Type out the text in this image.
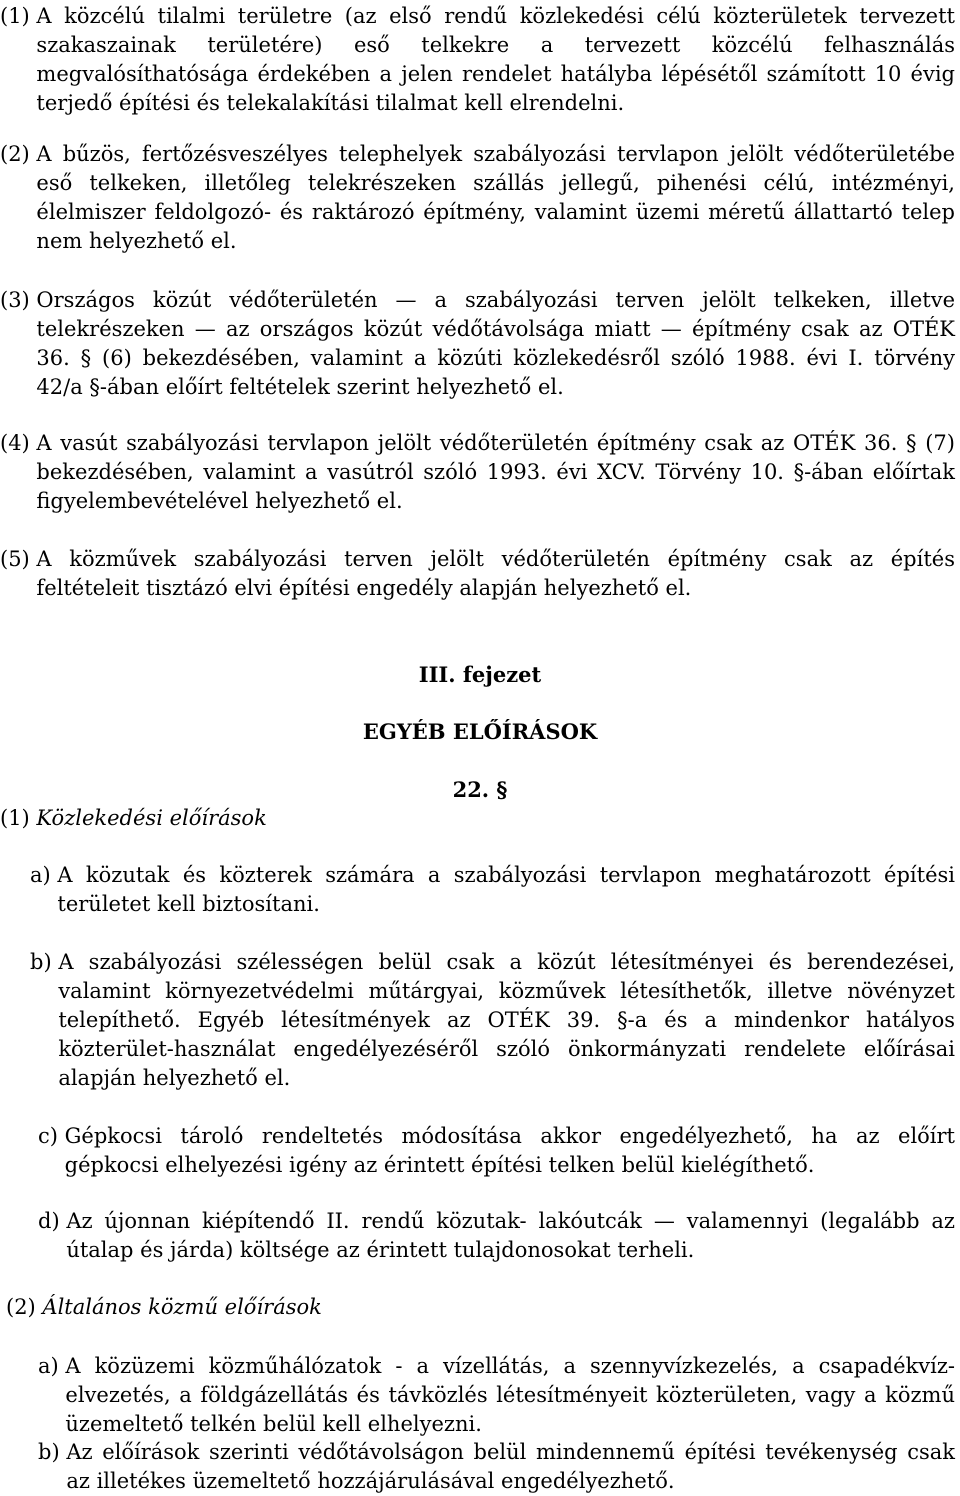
(1) A közcélú tilalmi területre (az első rendű közlekedési célú közterületek tervezett szakaszainak területére) eső telkekre a tervezett közcélú felhasználás megvalósíthatósága érdekében a jelen rendelet hatályba lépésétől számított 10 évig terjedő építési és telekalakítási tilalmat kell elrendelni.
(2) A bűzös, fertőzésveszélyes telephelyek szabályozási tervlapon jelölt védőterületébe eső telkeken, illetőleg telekrészeken szállás jellegű, pihenési célú, intézményi, élelmiszer feldolgozó- és raktározó építmény, valamint üzemi méretű állattartó telep nem helyezhető el.
(3) Országos közút védőterületén — a szabályozási terven jelölt telkeken, illetve telekrészeken — az országos közút védőtávolsága miatt — építmény csak az OTÉK 36. § (6) bekezdésében, valamint a közúti közlekedésről szóló 1988. évi I. törvény 42/a §-ában előírt feltételek szerint helyezhető el.
(4) A vasút szabályozási tervlapon jelölt védőterületén építmény csak az OTÉK 36. § (7) bekezdésében, valamint a vasútról szóló 1993. évi XCV. Törvény 10. §-ában előírtak figyelembevételével helyezhető el.
(5) A közművek szabályozási terven jelölt védőterületén építmény csak az építés feltételeit tisztázó elvi építési engedély alapján helyezhető el.
III. fejezet
EGYÉB ELŐÍRÁSOK
22. §
(1) Közlekedési előírások
a) A közutak és közterek számára a szabályozási tervlapon meghatározott építési területet kell biztosítani.
b) A szabályozási szélességen belül csak a közút létesítményei és berendezései, valamint környezetvédelmi műtárgyai, közművek létesíthetők, illetve növényzet telepíthető. Egyéb létesítmények az OTÉK 39. §-a és a mindenkor hatályos közterület-használat engedélyezéséről szóló önkormányzati rendelete előírásai alapján helyezhető el.
c) Gépkocsi tároló rendeltetés módosítása akkor engedélyezhető, ha az előírt gépkocsi elhelyezési igény az érintett építési telken belül kielégíthető.
d) Az újonnan kiépítendő II. rendű közutak- lakóutcák — valamennyi (legalább az útalap és járda) költsége az érintett tulajdonosokat terheli.
(2) Általános közmű előírások
a) A közüzemi közműhálózatok - a vízellátás, a szennyvízkezelés, a csapadékvíz-elvezetés, a földgázellátás és távközlés létesítményeit közterületen, vagy a közmű üzemeltető telkén belül kell elhelyezni.
b) Az előírások szerinti védőtávolságon belül mindennemű építési tevékenység csak az illetékes üzemeltető hozzájárulásával engedélyezhető.
